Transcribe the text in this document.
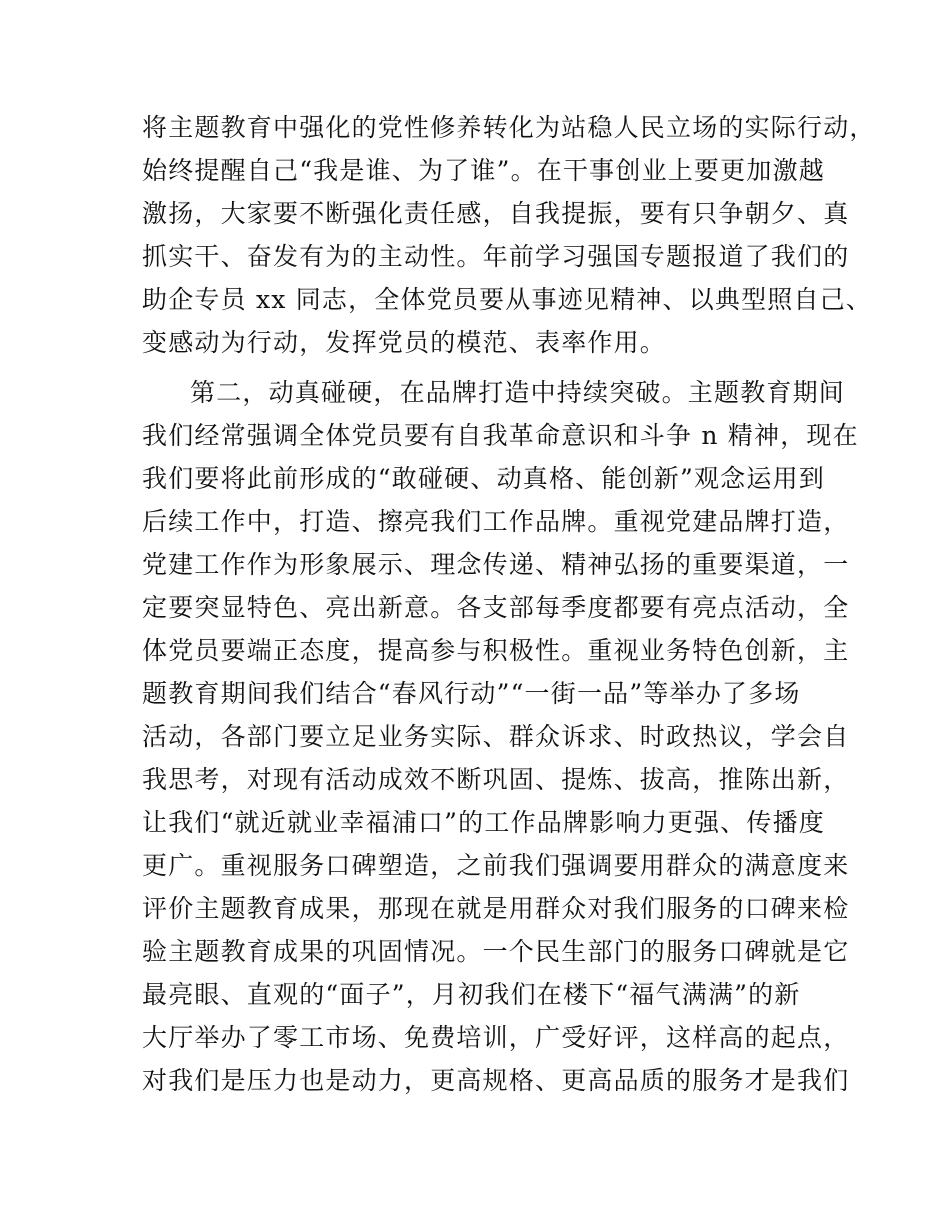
将主题教育中强化的党性修养转化为站稳人民立场的实际行动，
始终提醒自己“我是谁、为了谁”。在干事创业上要更加激越
激扬，大家要不断强化责任感，自我提振，要有只争朝夕、真
抓实干、奋发有为的主动性。年前学习强国专题报道了我们的
助企专员 xx 同志，全体党员要从事迹见精神、以典型照自己、
变感动为行动，发挥党员的模范、表率作用。
第二，动真碰硬，在品牌打造中持续突破。主题教育期间
我们经常强调全体党员要有自我革命意识和斗争 n 精神，现在
我们要将此前形成的“敢碰硬、动真格、能创新”观念运用到
后续工作中，打造、擦亮我们工作品牌。重视党建品牌打造，
党建工作作为形象展示、理念传递、精神弘扬的重要渠道，一
定要突显特色、亮出新意。各支部每季度都要有亮点活动，全
体党员要端正态度，提高参与积极性。重视业务特色创新，主
题教育期间我们结合“春风行动”“一街一品”等举办了多场
活动，各部门要立足业务实际、群众诉求、时政热议，学会自
我思考，对现有活动成效不断巩固、提炼、拔高，推陈出新，
让我们“就近就业幸福浦口”的工作品牌影响力更强、传播度
更广。重视服务口碑塑造，之前我们强调要用群众的满意度来
评价主题教育成果，那现在就是用群众对我们服务的口碑来检
验主题教育成果的巩固情况。一个民生部门的服务口碑就是它
最亮眼、直观的“面子”，月初我们在楼下“福气满满”的新
大厅举办了零工市场、免费培训，广受好评，这样高的起点，
对我们是压力也是动力，更高规格、更高品质的服务才是我们
